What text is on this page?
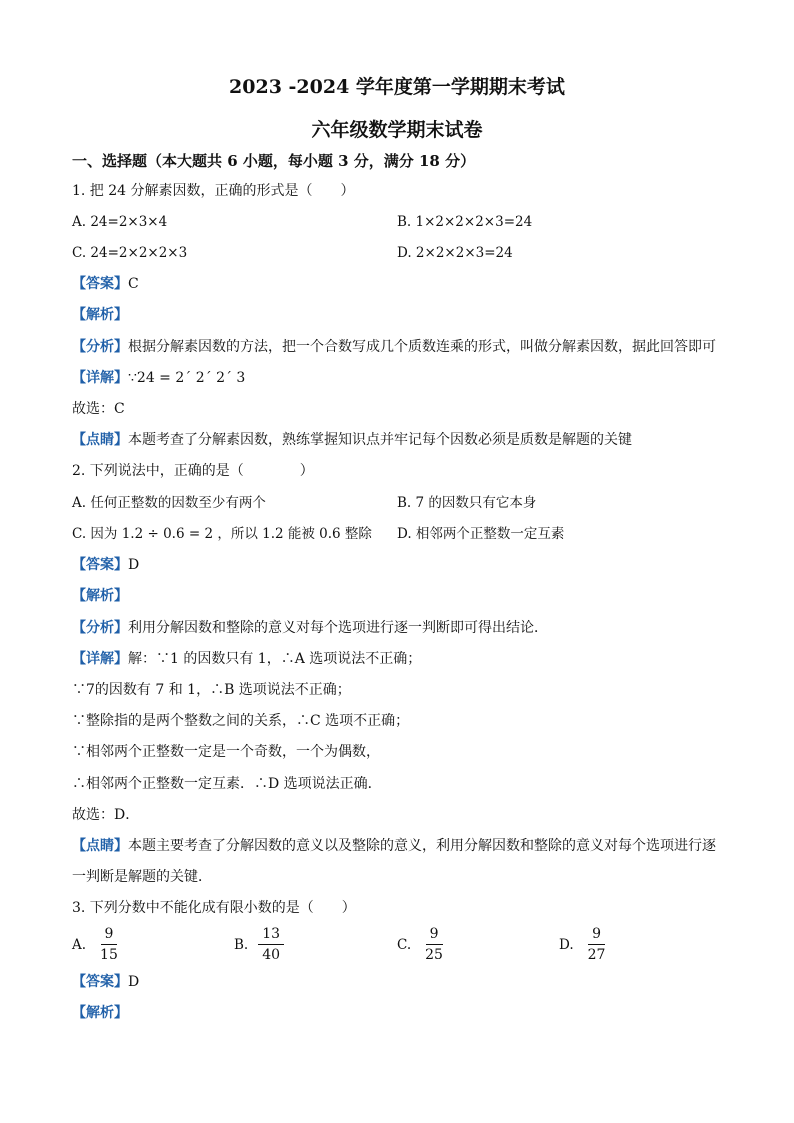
2023 -2024 学年度第一学期期末考试
六年级数学期末试卷
一、选择题（本大题共 6 小题，每小题 3 分，满分 18 分）
1. 把 24 分解素因数，正确的形式是（　　）
A. 24=2×3×4	B. 1×2×2×2×3=24
C. 24=2×2×2×3	D. 2×2×2×3=24
【答案】C
【解析】
【分析】根据分解素因数的方法，把一个合数写成几个质数连乘的形式，叫做分解素因数，据此回答即可
【详解】∵24 = 2´ 2´ 2´ 3
故选：C
【点睛】本题考查了分解素因数，熟练掌握知识点并牢记每个因数必须是质数是解题的关键
2. 下列说法中，正确的是（　　　　）
A. 任何正整数的因数至少有两个	B. 7 的因数只有它本身
C. 因为 1.2 ÷ 0.6 = 2 ，所以 1.2 能被 0.6 整除 D. 相邻两个正整数一定互素
【答案】D
【解析】
【分析】利用分解因数和整除的意义对每个选项进行逐一判断即可得出结论．
【详解】解：∵1 的因数只有 1，∴A 选项说法不正确；
∵7的因数有 7 和 1，∴B 选项说法不正确；
∵整除指的是两个整数之间的关系，∴C 选项不正确；
∵相邻两个正整数一定是一个奇数，一个为偶数，
∴相邻两个正整数一定互素．∴D 选项说法正确．
故选：D．
【点睛】本题主要考查了分解因数的意义以及整除的意义，利用分解因数和整除的意义对每个选项进行逐
一判断是解题的关键．
3. 下列分数中不能化成有限小数的是（　　）
A. $\frac{9}{15}$	B. $\frac{13}{40}$	C. $\frac{9}{25}$	D. $\frac{9}{27}$
【答案】D
【解析】
